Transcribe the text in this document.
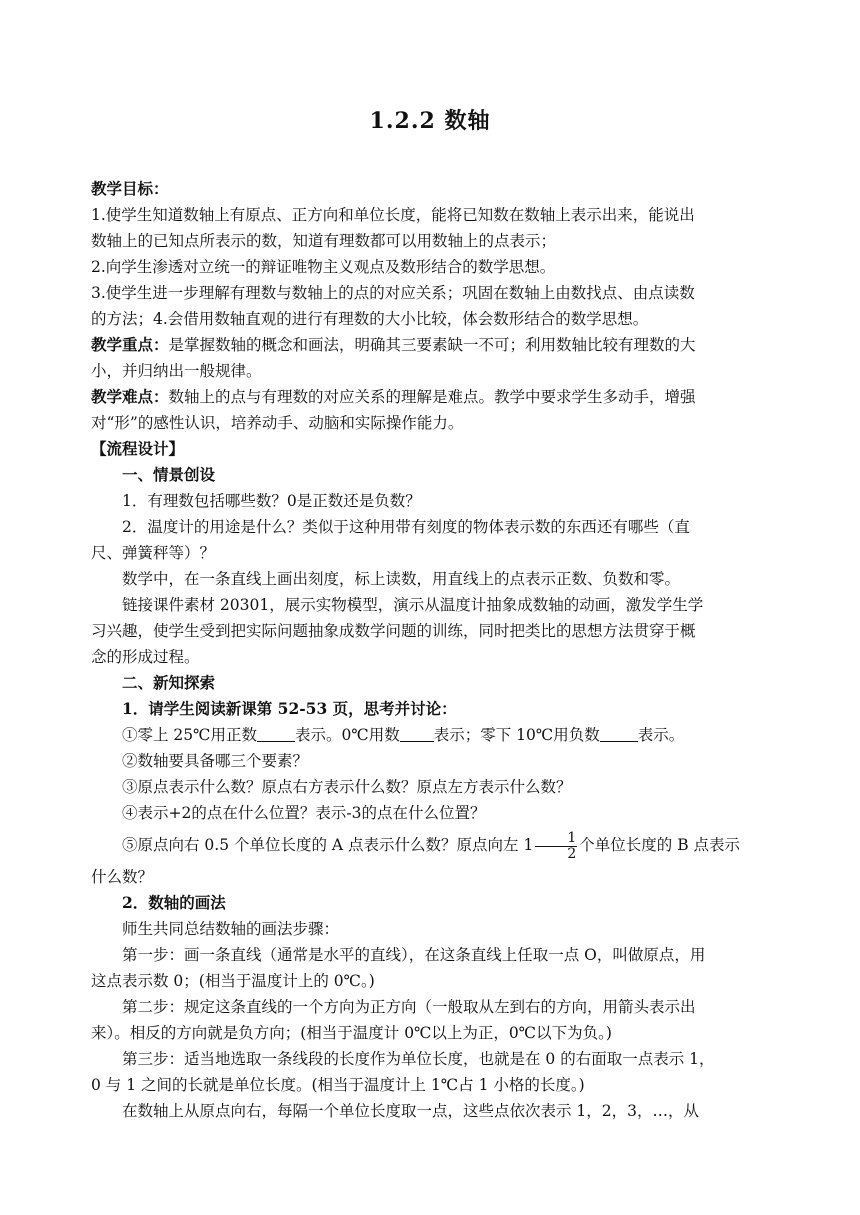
1.2.2 数轴
教学目标：
1.使学生知道数轴上有原点、正方向和单位长度，能将已知数在数轴上表示出来，能说出
数轴上的已知点所表示的数，知道有理数都可以用数轴上的点表示；
2.向学生渗透对立统一的辩证唯物主义观点及数形结合的数学思想。
3.使学生进一步理解有理数与数轴上的点的对应关系；巩固在数轴上由数找点、由点读数
的方法；4.会借用数轴直观的进行有理数的大小比较，体会数形结合的数学思想。
教学重点：是掌握数轴的概念和画法，明确其三要素缺一不可；利用数轴比较有理数的大
小，并归纳出一般规律。
教学难点：数轴上的点与有理数的对应关系的理解是难点。教学中要求学生多动手，增强
对“形”的感性认识，培养动手、动脑和实际操作能力。
【流程设计】
一、情景创设
1．有理数包括哪些数？0是正数还是负数？
2．温度计的用途是什么？类似于这种用带有刻度的物体表示数的东西还有哪些（直
尺、弹簧秤等）？
数学中，在一条直线上画出刻度，标上读数，用直线上的点表示正数、负数和零。
链接课件素材 20301，展示实物模型，演示从温度计抽象成数轴的动画，激发学生学
习兴趣，使学生受到把实际问题抽象成数学问题的训练，同时把类比的思想方法贯穿于概
念的形成过程。
二、新知探索
1．请学生阅读新课第 52-53 页，思考并讨论：
①零上 25℃用正数 表示。0℃用数 表示；零下 10℃用负数 表示。
②数轴要具备哪三个要素？
③原点表示什么数？原点右方表示什么数？原点左方表示什么数？
④表示+2的点在什么位置？表示-3的点在什么位置？
⑤原点向右 0.5 个单位长度的 A 点表示什么数？原点向左 $1 \frac{1}{2}$ 个单位长度的 B 点表示
什么数？
2．数轴的画法
师生共同总结数轴的画法步骤：
第一步：画一条直线（通常是水平的直线），在这条直线上任取一点 O，叫做原点，用
这点表示数 0；(相当于温度计上的 0℃。)
第二步：规定这条直线的一个方向为正方向（一般取从左到右的方向，用箭头表示出
来）。相反的方向就是负方向；(相当于温度计 0℃以上为正，0℃以下为负。)
第三步：适当地选取一条线段的长度作为单位长度，也就是在 0 的右面取一点表示 1，
0 与 1 之间的长就是单位长度。(相当于温度计上 1℃占 1 小格的长度。)
在数轴上从原点向右，每隔一个单位长度取一点，这些点依次表示 1，2，3，…，从
